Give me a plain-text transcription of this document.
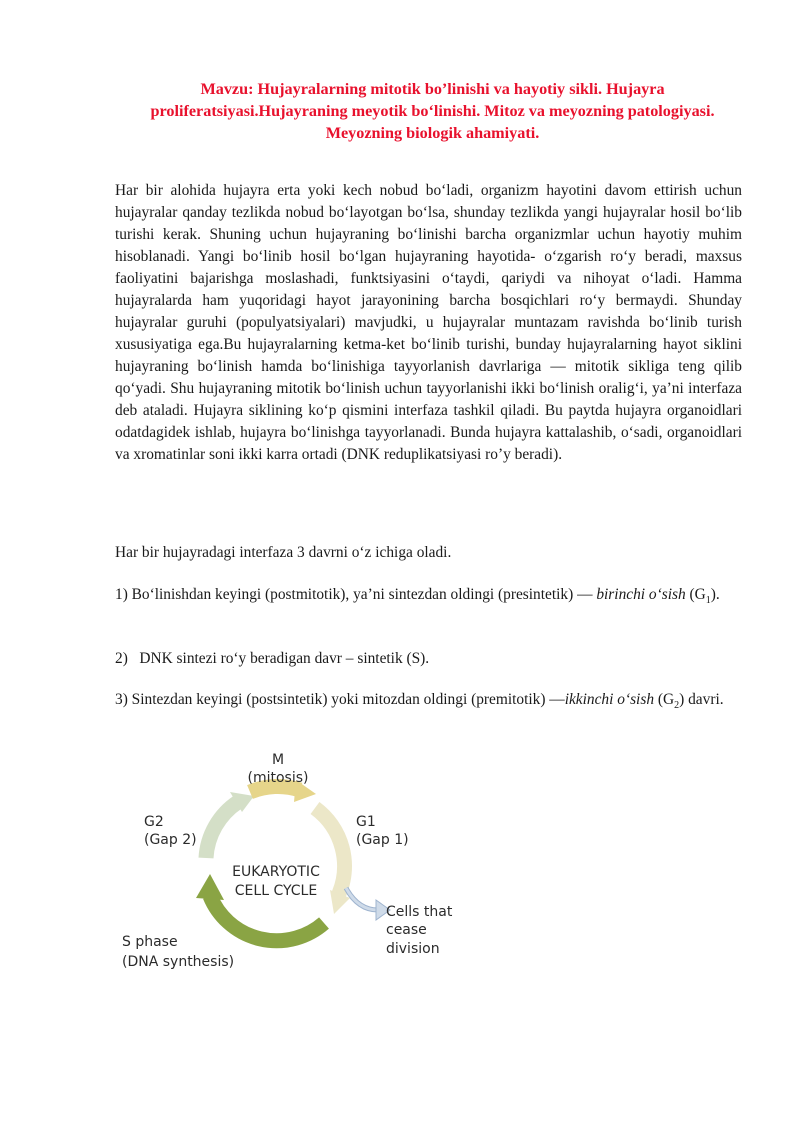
Mavzu: Hujayralarning mitotik bo’linishi va hayotiy sikli. Hujayra proliferatsiyasi.Hujayraning meyotik bo‘linishi. Mitoz va meyozning patologiyasi. Meyozning biologik ahamiyati.

Har bir alohida hujayra erta yoki kech nobud bo‘ladi, organizm hayotini davom ettirish uchun hujayralar qanday tezlikda nobud bo‘layotgan bo‘lsa, shunday tezlikda yangi hujayralar hosil bo‘lib turishi kerak. Shuning uchun hujayraning bo‘linishi barcha organizmlar uchun hayotiy muhim hisoblanadi. Yangi bo‘linib hosil bo‘lgan hujayraning hayotida- o‘zgarish ro‘y beradi, maxsus faoliyatini bajarishga moslashadi, funktsiyasini o‘taydi, qariydi va nihoyat o‘ladi. Hamma hujayralarda ham yuqoridagi hayot jarayonining barcha bosqichlari ro‘y bermaydi. Shunday hujayralar guruhi (populyatsiyalari) mavjudki, u hujayralar muntazam ravishda bo‘linib turish xususiyatiga ega.Bu hujayralarning ketma-ket bo‘linib turishi, bunday hujayralarning hayot siklini hujayraning bo‘linish hamda bo‘linishiga tayyorlanish davrlariga — mitotik sikliga teng qilib qo‘yadi. Shu hujayraning mitotik bo‘linish uchun tayyorlanishi ikki bo‘linish oralig‘i, ya’ni interfaza deb ataladi. Hujayra siklining ko‘p qismini interfaza tashkil qiladi. Bu paytda hujayra organoidlari odatdagidek ishlab, hujayra bo‘linishga tayyorlanadi. Bunda hujayra kattalashib, o‘sadi, organoidlari va xromatinlar soni ikki karra ortadi (DNK reduplikatsiyasi ro’y beradi).

Har bir hujayradagi interfaza 3 davrni o‘z ichiga oladi.

1) Bo‘linishdan keyingi (postmitotik), ya’ni sintezdan oldingi (presintetik) — birinchi o‘sish $(G_1)$.

2)   DNK sintezi ro‘y beradigan davr – sintetik (S).

3) Sintezdan keyingi (postsintetik) yoki mitozdan oldingi (premitotik) —ikkinchi o‘sish $(G_2)$ davri.

M
(mitosis)
G1
(Gap 1)
G2
(Gap 2)
S phase
(DNA synthesis)
EUKARYOTIC
CELL CYCLE
Cells that
cease
division
